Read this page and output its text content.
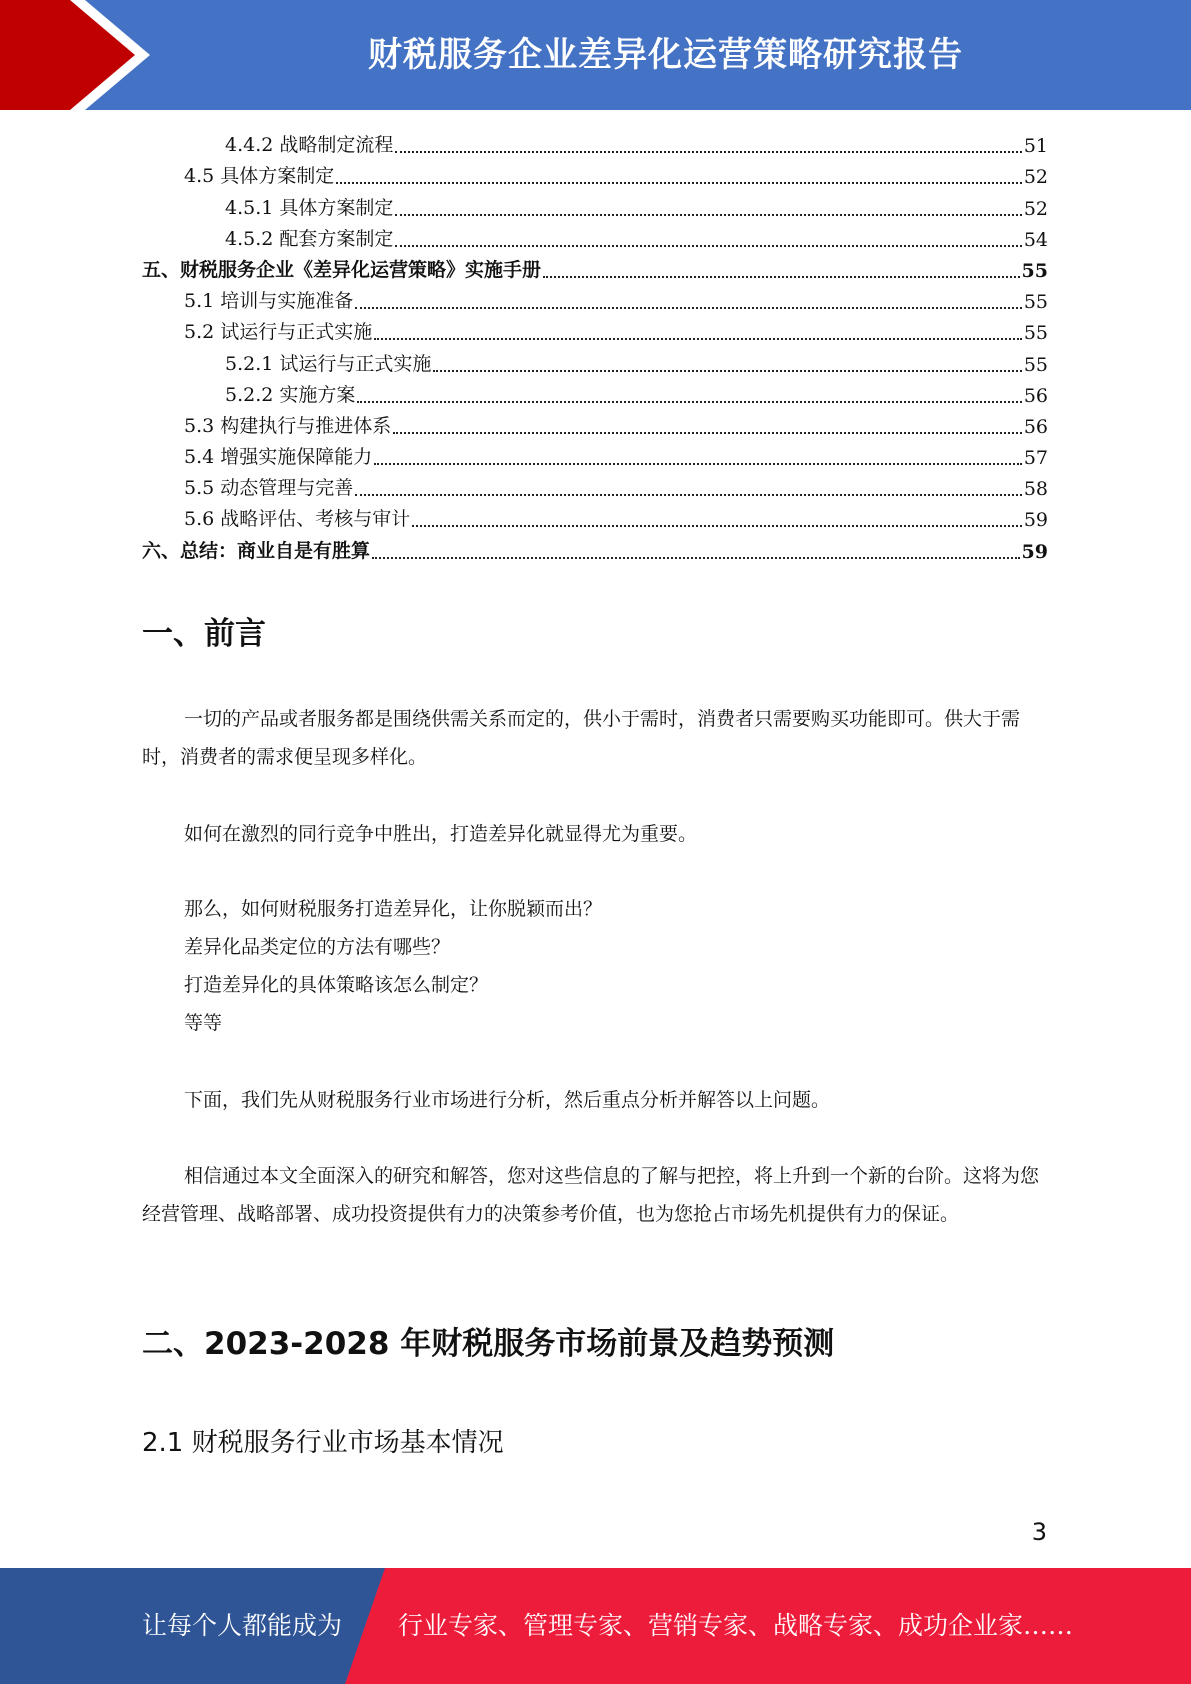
财税服务企业差异化运营策略研究报告
4.4.2 战略制定流程	51
4.5 具体方案制定	52
4.5.1 具体方案制定	52
4.5.2 配套方案制定	54
五、财税服务企业《差异化运营策略》实施手册	55
5.1 培训与实施准备	55
5.2 试运行与正式实施	55
5.2.1 试运行与正式实施	55
5.2.2 实施方案	56
5.3 构建执行与推进体系	56
5.4 增强实施保障能力	57
5.5 动态管理与完善	58
5.6 战略评估、考核与审计	59
六、总结：商业自是有胜算	59
一、前言

一切的产品或者服务都是围绕供需关系而定的，供小于需时，消费者只需要购买功能即可。供大于需时，消费者的需求便呈现多样化。

如何在激烈的同行竞争中胜出，打造差异化就显得尤为重要。

那么，如何财税服务打造差异化，让你脱颖而出？

差异化品类定位的方法有哪些？

打造差异化的具体策略该怎么制定？

等等

下面，我们先从财税服务行业市场进行分析，然后重点分析并解答以上问题。

相信通过本文全面深入的研究和解答，您对这些信息的了解与把控，将上升到一个新的台阶。这将为您经营管理、战略部署、成功投资提供有力的决策参考价值，也为您抢占市场先机提供有力的保证。

二、2023-2028 年财税服务市场前景及趋势预测
2.1 财税服务行业市场基本情况
3
让每个人都能成为 行业专家、管理专家、营销专家、战略专家、成功企业家……
